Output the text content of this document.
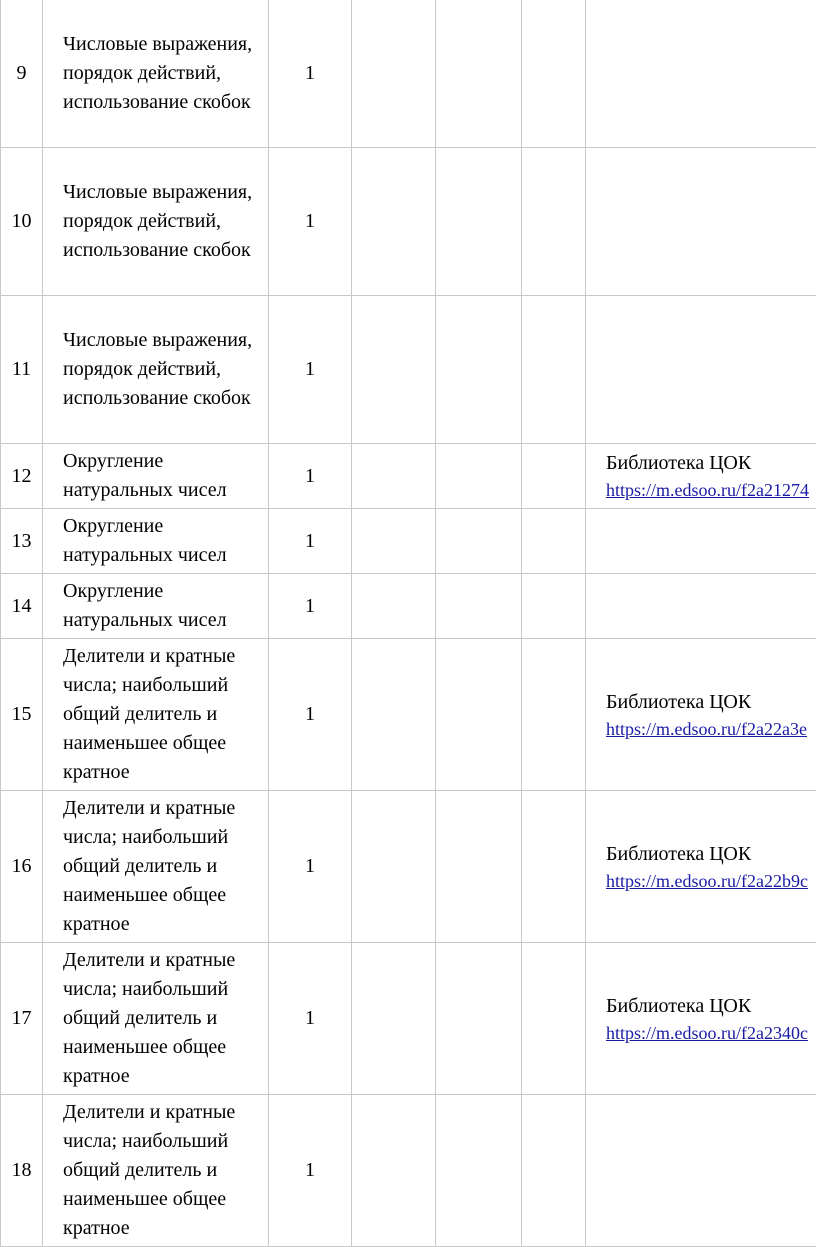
9	Числовые выражения, порядок действий, использование скобок	1				
10	Числовые выражения, порядок действий, использование скобок	1				
11	Числовые выражения, порядок действий, использование скобок	1				
12	Округление натуральных чисел	1				Библиотека ЦОК
https://m.edsoo.ru/f2a21274

13	Округление натуральных чисел	1				
14	Округление натуральных чисел	1				
15	Делители и кратные числа; наибольший общий делитель и наименьшее общее кратное	1				Библиотека ЦОК
https://m.edsoo.ru/f2a22a3e

16	Делители и кратные числа; наибольший общий делитель и наименьшее общее кратное	1				Библиотека ЦОК
https://m.edsoo.ru/f2a22b9c

17	Делители и кратные числа; наибольший общий делитель и наименьшее общее кратное	1				Библиотека ЦОК
https://m.edsoo.ru/f2a2340c

18	Делители и кратные числа; наибольший общий делитель и наименьшее общее кратное	1				
